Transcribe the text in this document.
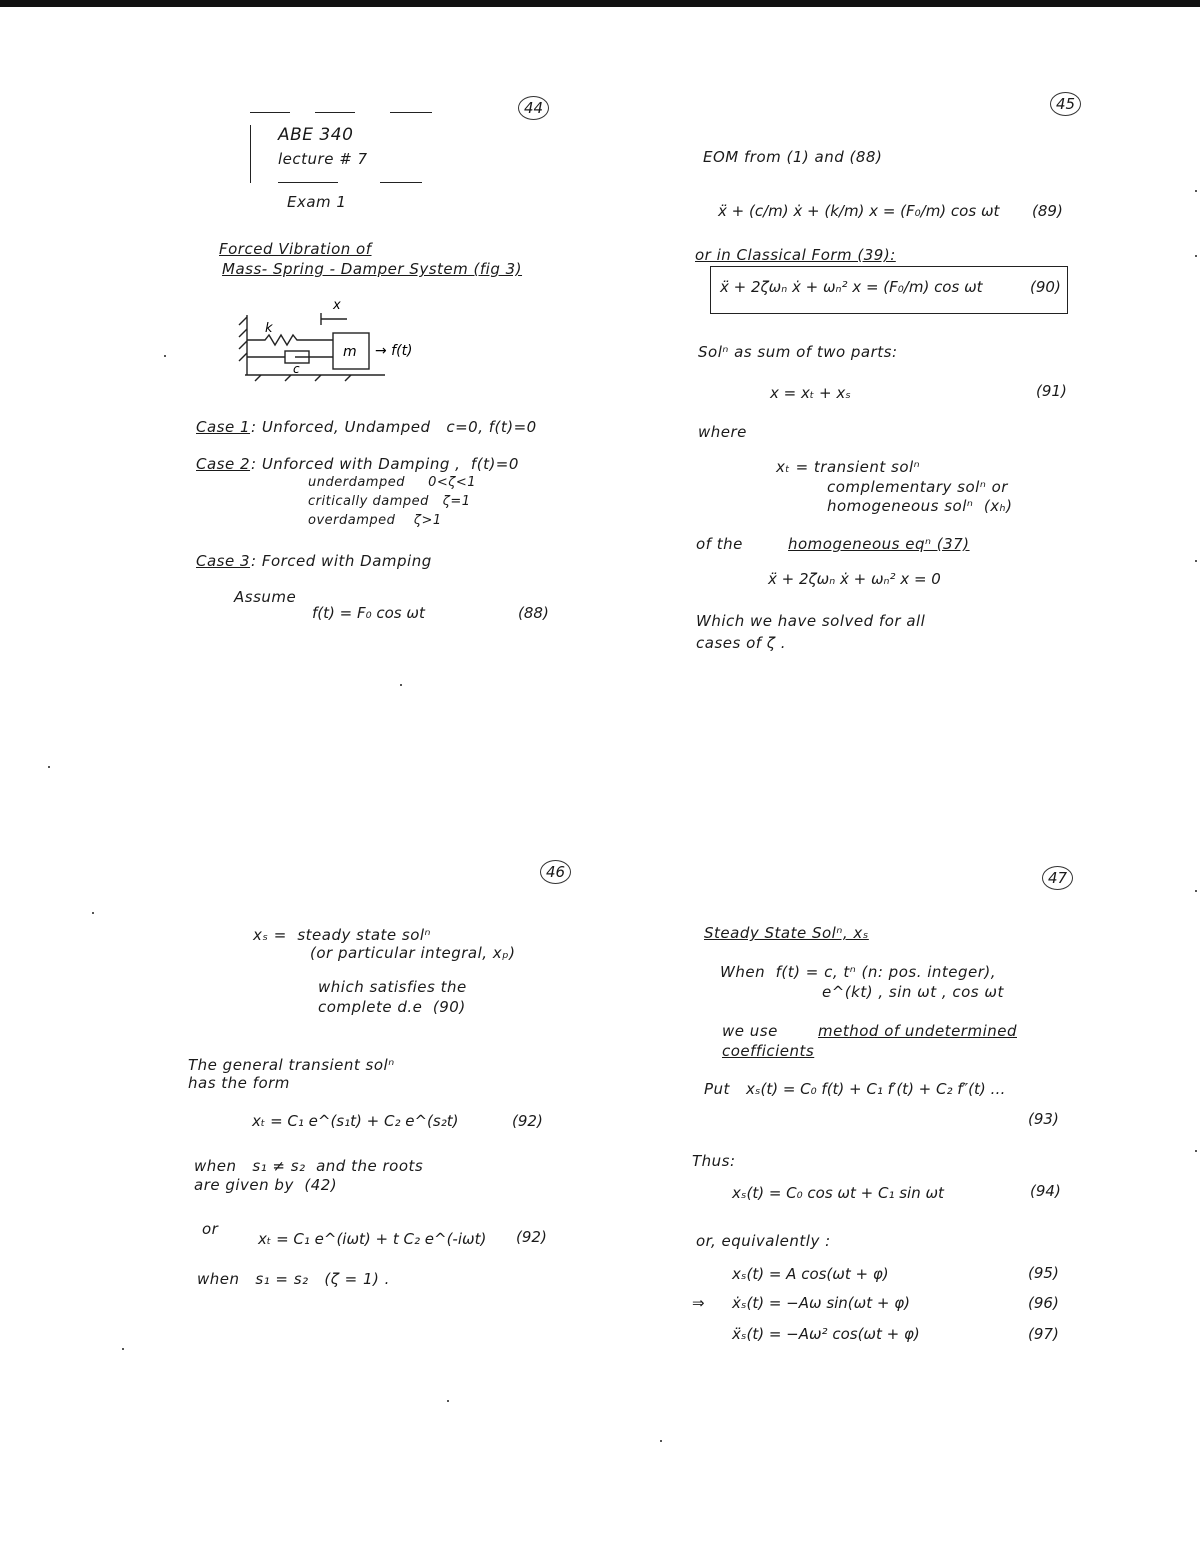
44
ABE 340
lecture # 7
Exam 1
Forced Vibration of
Mass- Spring - Damper System (fig 3)
x
k
m → f(t)
c
Case 1 : Unforced, Undamped   c=0, f(t)=0
Case 2 : Unforced with Damping ,  f(t)=0
underdamped     0<ζ<1
critically damped   ζ=1
overdamped    ζ>1
Case 3 : Forced with Damping
Assume
f(t) = F₀ cos ωt	(88)
45
EOM from (1) and (88)
ẍ + (c/m) ẋ + (k/m) x = (F₀/m) cos ωt (89)
or in Classical Form (39):
ẍ + 2ζωₙ ẋ + ωₙ² x = (F₀/m) cos ωt	(90)
Solⁿ as sum of two parts:
x = xₜ + xₛ	(91)
where
xₜ = transient solⁿ
complementary solⁿ or
homogeneous solⁿ  (xₕ)
of the	homogeneous eqⁿ (37)
ẍ + 2ζωₙ ẋ + ωₙ² x = 0
Which we have solved for all
cases of ζ .
46
xₛ =  steady state solⁿ
(or particular integral, xₚ)
which satisfies the
complete d.e  (90)
The general transient solⁿ
has the form
xₜ = C₁ e^(s₁t) + C₂ e^(s₂t)	(92)
when   s₁ ≠ s₂  and the roots
are given by  (42)
or
xₜ = C₁ e^(iωt) + t C₂ e^(-iωt) (92)
when   s₁ = s₂   (ζ = 1) .
47
Steady State Solⁿ, xₛ
When  f(t) = c, tⁿ (n: pos. integer),
e^(kt) , sin ωt , cos ωt
we use	method of undetermined
coefficients
Put xₛ(t) = C₀ f(t) + C₁ f′(t) + C₂ f″(t) …
(93)
Thus:
xₛ(t) = C₀ cos ωt + C₁ sin ωt	(94)
or, equivalently :
xₛ(t) = A cos(ωt + φ)	(95)
⇒ ẋₛ(t) = −Aω sin(ωt + φ)	(96)
ẍₛ(t) = −Aω² cos(ωt + φ)	(97)
